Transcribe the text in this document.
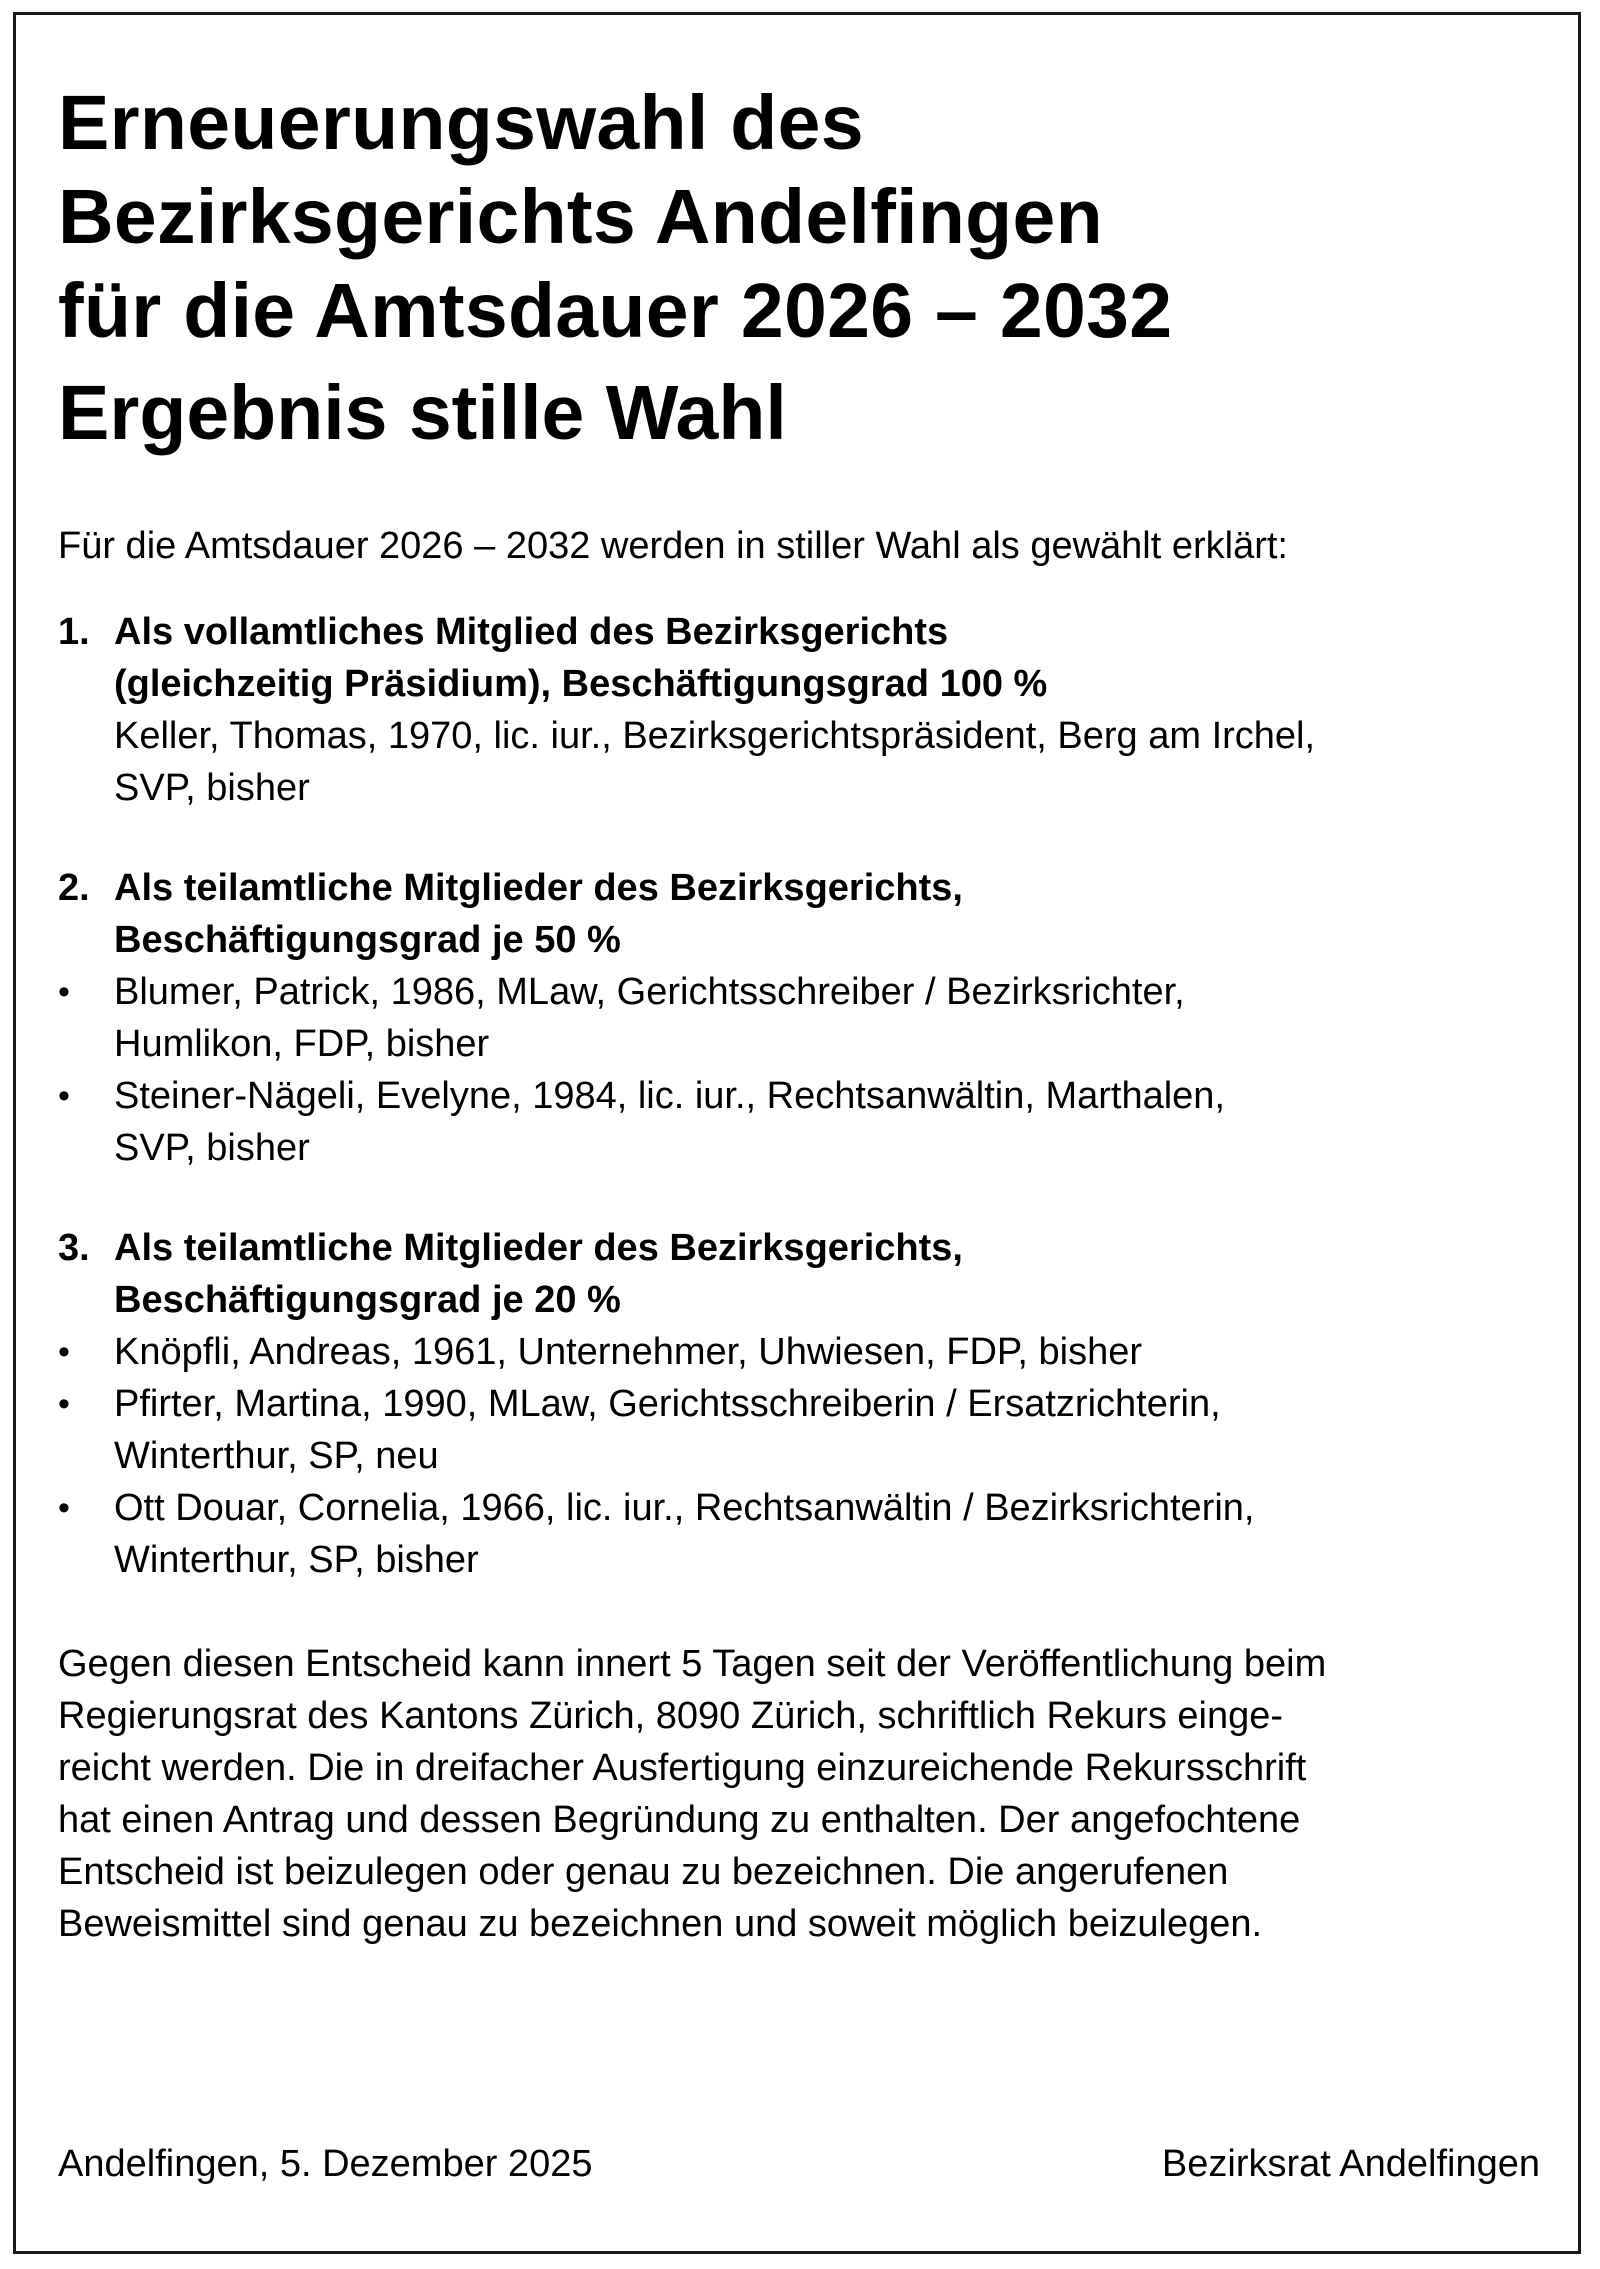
Erneuerungswahl des
Bezirksgerichts Andelfingen
für die Amtsdauer 2026 – 2032
Ergebnis stille Wahl

Für die Amtsdauer 2026 – 2032 werden in stiller Wahl als gewählt erklärt:

1. Als vollamtliches Mitglied des Bezirksgerichts
(gleichzeitig Präsidium), Beschäftigungsgrad 100 %
Keller, Thomas, 1970, lic. iur., Bezirksgerichtspräsident, Berg am Irchel,
SVP, bisher
2. Als teilamtliche Mitglieder des Bezirksgerichts,
Beschäftigungsgrad je 50 %
•	Blumer, Patrick, 1986, MLaw, Gerichtsschreiber / Bezirksrichter,
Humlikon, FDP, bisher
•	Steiner-Nägeli, Evelyne, 1984, lic. iur., Rechtsanwältin, Marthalen,
SVP, bisher
3. Als teilamtliche Mitglieder des Bezirksgerichts,
Beschäftigungsgrad je 20 %
•	Knöpfli, Andreas, 1961, Unternehmer, Uhwiesen, FDP, bisher
•	Pfirter, Martina, 1990, MLaw, Gerichtsschreiberin / Ersatzrichterin,
Winterthur, SP, neu
•	Ott Douar, Cornelia, 1966, lic. iur., Rechtsanwältin / Bezirksrichterin,
Winterthur, SP, bisher
Gegen diesen Entscheid kann innert 5 Tagen seit der Veröffentlichung beim
Regierungsrat des Kantons Zürich, 8090 Zürich, schriftlich Rekurs einge-
reicht werden. Die in dreifacher Ausfertigung einzureichende Rekursschrift
hat einen Antrag und dessen Begründung zu enthalten. Der angefochtene
Entscheid ist beizulegen oder genau zu bezeichnen. Die angerufenen
Beweismittel sind genau zu bezeichnen und soweit möglich beizulegen.
Andelfingen, 5. Dezember 2025	Bezirksrat Andelfingen
